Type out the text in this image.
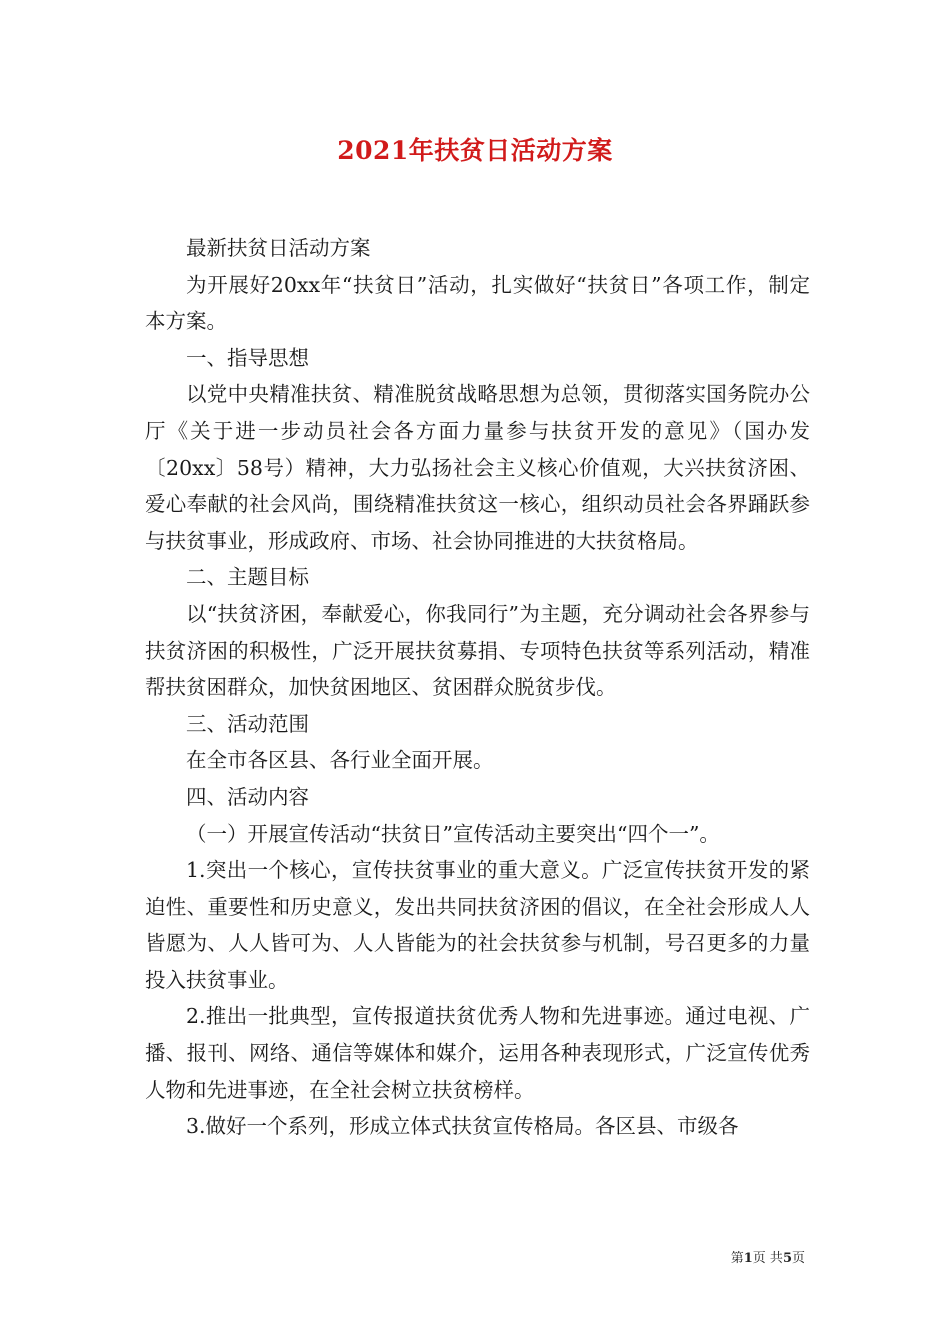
2021年扶贫日活动方案

最新扶贫日活动方案

为开展好20xx年“扶贫日”活动，扎实做好“扶贫日”各项工作，制定本方案。

一、指导思想

以党中央精准扶贫、精准脱贫战略思想为总领，贯彻落实国务院办公厅《关于进一步动员社会各方面力量参与扶贫开发的意见》（国办发〔20xx〕58号）精神，大力弘扬社会主义核心价值观，大兴扶贫济困、爱心奉献的社会风尚，围绕精准扶贫这一核心，组织动员社会各界踊跃参与扶贫事业，形成政府、市场、社会协同推进的大扶贫格局。

二、主题目标

以“扶贫济困，奉献爱心，你我同行”为主题，充分调动社会各界参与扶贫济困的积极性，广泛开展扶贫募捐、专项特色扶贫等系列活动，精准帮扶贫困群众，加快贫困地区、贫困群众脱贫步伐。

三、活动范围

在全市各区县、各行业全面开展。

四、活动内容

（一）开展宣传活动“扶贫日”宣传活动主要突出“四个一”。

1.突出一个核心，宣传扶贫事业的重大意义。广泛宣传扶贫开发的紧迫性、重要性和历史意义，发出共同扶贫济困的倡议，在全社会形成人人皆愿为、人人皆可为、人人皆能为的社会扶贫参与机制，号召更多的力量投入扶贫事业。

2.推出一批典型，宣传报道扶贫优秀人物和先进事迹。通过电视、广播、报刊、网络、通信等媒体和媒介，运用各种表现形式，广泛宣传优秀人物和先进事迹，在全社会树立扶贫榜样。

3.做好一个系列，形成立体式扶贫宣传格局。各区县、市级各

第1页 共5页
